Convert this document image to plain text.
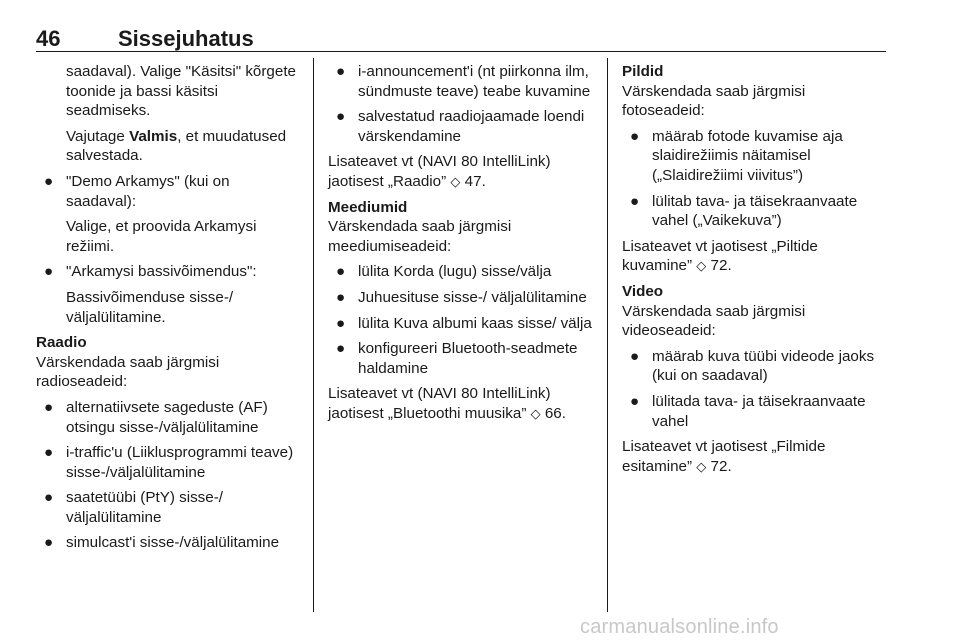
46	Sissejuhatus

saadaval). Valige "Käsitsi" kõrgete toonide ja bassi käsitsi seadmiseks.

Vajutage Valmis, et muudatused salvestada.

● "Demo Arkamys" (kui on saadaval):

Valige, et proovida Arkamysi režiimi.

● "Arkamysi bassivõimendus":

Bassivõimenduse sisse-/ väljalülitamine.

Raadio

Värskendada saab järgmisi radioseadeid:

● alternatiivsete sageduste (AF) otsingu sisse-/väljalülitamine
● i-traffic'u (Liiklusprogrammi teave) sisse-/väljalülitamine
● saatetüübi (PtY) sisse-/ väljalülitamine
● simulcast'i sisse-/väljalülitamine
● i-announcement'i (nt piirkonna ilm, sündmuste teave) teabe kuvamine
● salvestatud raadiojaamade loendi värskendamine

Lisateavet vt (NAVI 80 IntelliLink) jaotisest „Raadio” ◇ 47.

Meediumid

Värskendada saab järgmisi meediumiseadeid:

● lülita Korda (lugu) sisse/välja
● Juhuesituse sisse-/ väljalülitamine
● lülita Kuva albumi kaas sisse/ välja
● konfigureeri Bluetooth-seadmete haldamine

Lisateavet vt (NAVI 80 IntelliLink) jaotisest „Bluetoothi muusika” ◇ 66.

Pildid

Värskendada saab järgmisi fotoseadeid:

● määrab fotode kuvamise aja slaidirežiimis näitamisel („Slaidirežiimi viivitus”)
● lülitab tava- ja täisekraanvaate vahel („Vaikekuva”)

Lisateavet vt jaotisest „Piltide kuvamine” ◇ 72.

Video

Värskendada saab järgmisi videoseadeid:

● määrab kuva tüübi videode jaoks (kui on saadaval)
● lülitada tava- ja täisekraanvaate vahel

Lisateavet vt jaotisest „Filmide esitamine” ◇ 72.

carmanualsonline.info
